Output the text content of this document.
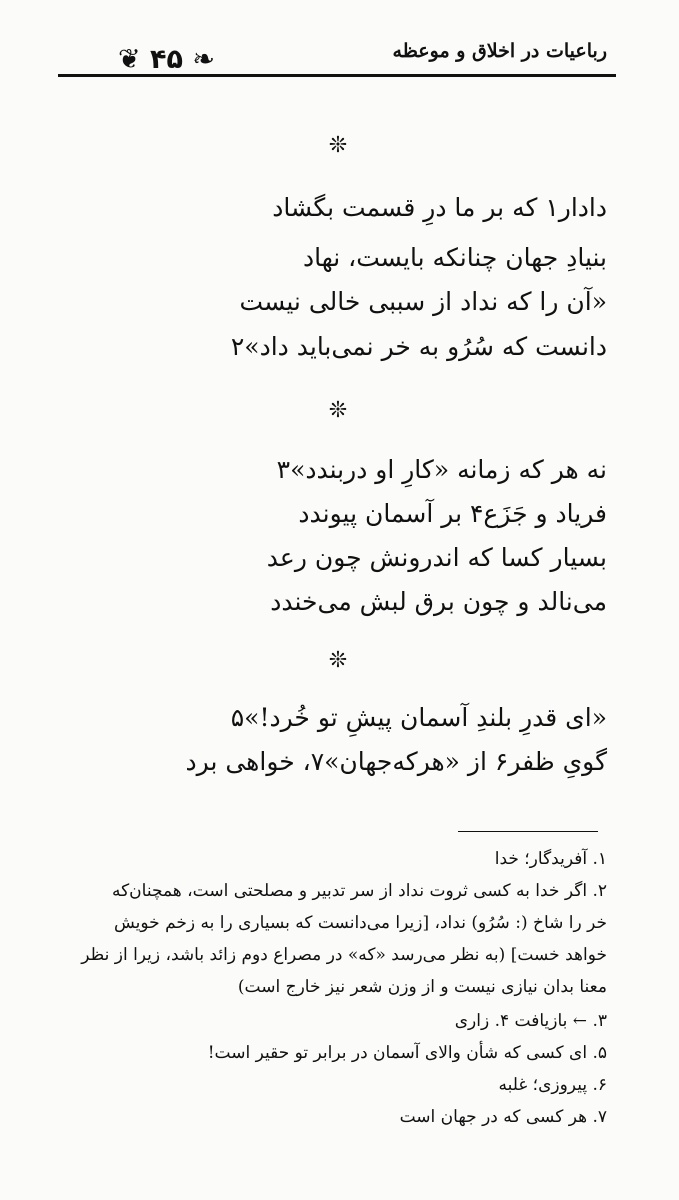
رباعیات در اخلاق و موعظه
❦ ۴۵ ❧
❊
دادار۱ که بر ما درِ قسمت بگشاد
بنیادِ جهان چنانکه بایست، نهاد
«آن را که نداد از سببی خالی نیست
دانست که سُرُو به خر نمی‌باید داد»۲
❊
نه هر که زمانه «کارِ او دربندد»۳
فریاد و جَزَع۴ بر آسمان پیوندد
بسیار کسا که اندرونش چون رعد
می‌نالد و چون برق لبش می‌خندد
❊
«ای قدرِ بلندِ آسمان پیشِ تو خُرد!»۵
گویِ ظفر۶ از «هرکه‌جهان»۷، خواهی برد
۱. آفریدگار؛ خدا
۲. اگر خدا به کسی ثروت نداد از سر تدبیر و مصلحتی است، همچنان‌که
خر را شاخ (: سُرُو) نداد، [زیرا می‌دانست که بسیاری را به زخم خویش
خواهد خست] (به نظر می‌رسد «که» در مصراع دوم زائد باشد، زیرا از نظر
معنا بدان نیازی نیست و از وزن شعر نیز خارج است)
۳. ← بازیافت ۴. زاری
۵. ای کسی که شأن والای آسمان در برابر تو حقیر است!
۶. پیروزی؛ غلبه
۷. هر کسی که در جهان است
